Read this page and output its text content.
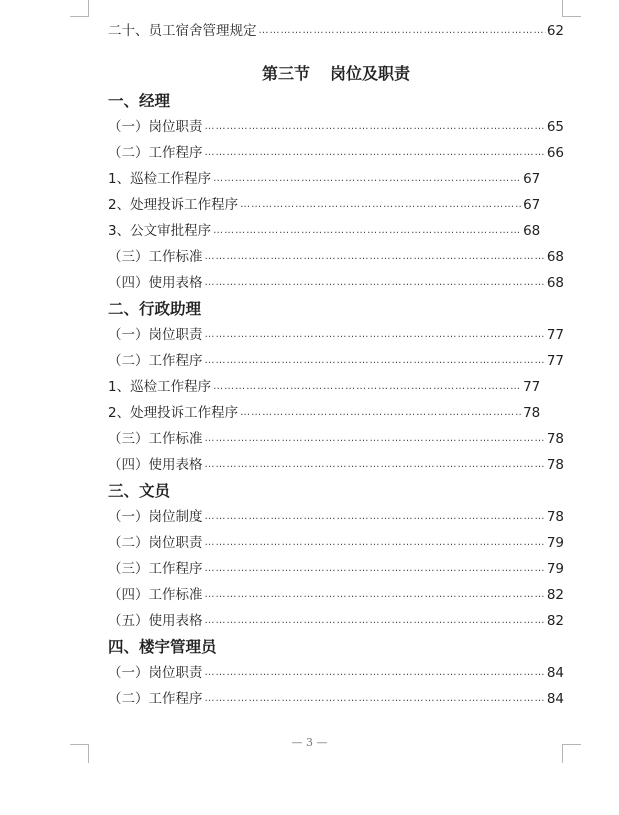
二十、员工宿舍管理规定 …………………………………………………………………………………………………………	62
第三节 岗位及职责
一、经理
（一）岗位职责 …………………………………………………………………………………………………………	65
（二）工作程序 …………………………………………………………………………………………………………	66
1、巡检工作程序 …………………………………………………………………………………………………………	67
2、处理投诉工作程序 …………………………………………………………………………………………………………	67
3、公文审批程序 …………………………………………………………………………………………………………	68
（三）工作标准 …………………………………………………………………………………………………………	68
（四）使用表格 …………………………………………………………………………………………………………	68
二、行政助理
（一）岗位职责 …………………………………………………………………………………………………………	77
（二）工作程序 …………………………………………………………………………………………………………	77
1、巡检工作程序 …………………………………………………………………………………………………………	77
2、处理投诉工作程序 …………………………………………………………………………………………………………	78
（三）工作标准 …………………………………………………………………………………………………………	78
（四）使用表格 …………………………………………………………………………………………………………	78
三、文员
（一）岗位制度 …………………………………………………………………………………………………………	78
（二）岗位职责 …………………………………………………………………………………………………………	79
（三）工作程序 …………………………………………………………………………………………………………	79
（四）工作标准 …………………………………………………………………………………………………………	82
（五）使用表格 …………………………………………………………………………………………………………	82
四、楼宇管理员
（一）岗位职责 …………………………………………………………………………………………………………	84
（二）工作程序 …………………………………………………………………………………………………………	84
— 3 —
